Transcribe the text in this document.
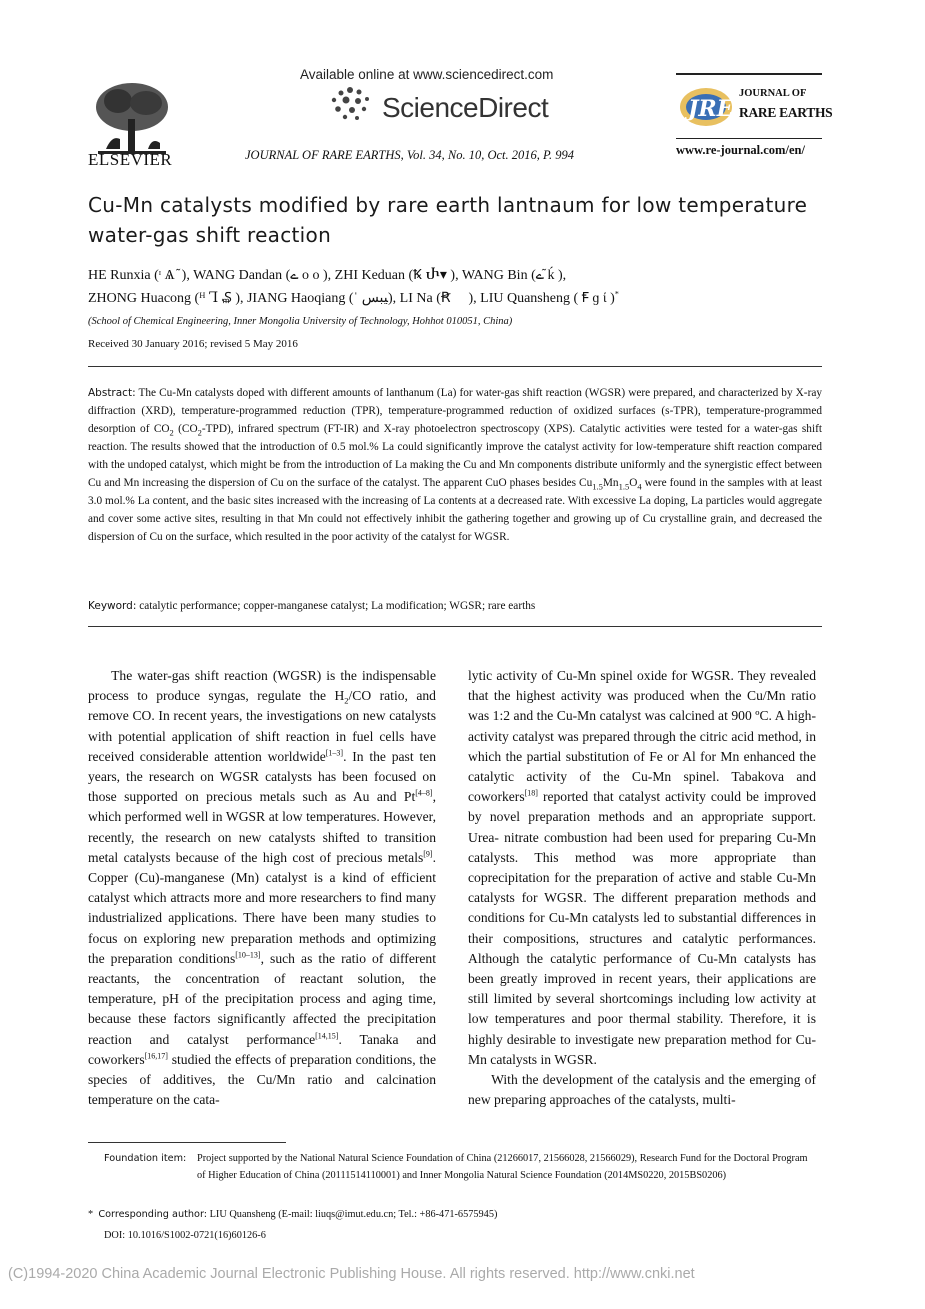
ELSEVIER
Available online at www.sciencedirect.com
ScienceDirect
JOURNAL OF RARE EARTHS, Vol. 34, No. 10, Oct. 2016, P. 994
JRE
JOURNAL OF
RARE EARTHS
www.re-journal.com/en/
Cu-Mn catalysts modified by rare earth lantnaum for low temperature water-gas shift reaction
HE Runxia (ᶦ Ѧ ᷉ ), WANG Dandan (ے ο ο ), ZHI Keduan (Ꝅ Ⴐ▾ ), WANG Bin (ے ᷉ḱ ),
ZHONG Huacong (ᴴ Ꞁ ₷ ), JIANG Haoqiang (ˈ ﯿﺒﺲ), LI Na (Ꞧ ⃞ ), LIU Quansheng ( Ꞙ ɡ ί )*
(School of Chemical Engineering, Inner Mongolia University of Technology, Hohhot 010051, China)
Received 30 January 2016; revised 5 May 2016
Abstract: The Cu-Mn catalysts doped with different amounts of lanthanum (La) for water-gas shift reaction (WGSR) were prepared, and characterized by X-ray diffraction (XRD), temperature-programmed reduction (TPR), temperature-programmed reduction of oxidized surfaces (s-TPR), temperature-programmed desorption of $CO_2$ $(CO_2-TPD)$, infrared spectrum (FT-IR) and X-ray photoelectron spectroscopy (XPS). Catalytic activities were tested for a water-gas shift reaction. The results showed that the introduction of 0.5 mol.% La could significantly improve the catalyst activity for low-temperature shift reaction compared with the undoped catalyst, which might be from the introduction of La making the Cu and Mn components distribute uniformly and the synergistic effect between Cu and Mn increasing the dispersion of Cu on the surface of the catalyst. The apparent CuO phases besides $Cu_{1.5}Mn_{1.5}O_4$ were found in the samples with at least 3.0 mol.% La content, and the basic sites increased with the increasing of La contents at a decreased rate. With excessive La doping, La particles would aggregate and cover some active sites, resulting in that Mn could not effectively inhibit the gathering together and growing up of Cu crystalline grain, and decreased the dispersion of Cu on the surface, which resulted in the poor activity of the catalyst for WGSR.
Keyword: catalytic performance; copper-manganese catalyst; La modification; WGSR; rare earths

The water-gas shift reaction (WGSR) is the indispensable process to produce syngas, regulate the $H_2/CO$ ratio, and remove CO. In recent years, the investigations on new catalysts with potential application of shift reaction in fuel cells have received considerable attention worldwide[1–3]. In the past ten years, the research on WGSR catalysts has been focused on those supported on precious metals such as Au and Pt[4–8], which performed well in WGSR at low temperatures. However, recently, the research on new catalysts shifted to transition metal catalysts because of the high cost of precious metals[9]. Copper (Cu)-manganese (Mn) catalyst is a kind of efficient catalyst which attracts more and more researchers to find many industrialized applications. There have been many studies to focus on exploring new preparation methods and optimizing the preparation conditions[10–13], such as the ratio of different reactants, the concentration of reactant solution, the temperature, pH of the precipitation process and aging time, because these factors significantly affected the precipitation reaction and catalyst performance[14,15]. Tanaka and coworkers[16,17] studied the effects of preparation conditions, the species of additives, the Cu/Mn ratio and calcination temperature on the cata-

lytic activity of Cu-Mn spinel oxide for WGSR. They revealed that the highest activity was produced when the Cu/Mn ratio was 1:2 and the Cu-Mn catalyst was calcined at 900 ºC. A high-activity catalyst was prepared through the citric acid method, in which the partial substitution of Fe or Al for Mn enhanced the catalytic activity of the Cu-Mn spinel. Tabakova and coworkers[18] reported that catalyst activity could be improved by novel preparation methods and an appropriate support. Urea- nitrate combustion had been used for preparing Cu-Mn catalysts. This method was more appropriate than coprecipitation for the preparation of active and stable Cu-Mn catalysts for WGSR. The different preparation methods and conditions for Cu-Mn catalysts led to substantial differences in their compositions, structures and catalytic performances. Although the catalytic performance of Cu-Mn catalysts has been greatly improved in recent years, their applications are still limited by several shortcomings including low activity at low temperatures and poor thermal stability. Therefore, it is highly desirable to investigate new preparation method for Cu-Mn catalysts in WGSR.

With the development of the catalysis and the emerging of new preparing approaches of the catalysts, multi-

Foundation item:	Project supported by the National Natural Science Foundation of China (21266017, 21566028, 21566029), Research Fund for the Doctoral Program of Higher Education of China (20111514110001) and Inner Mongolia Natural Science Foundation (2014MS0220, 2015BS0206)
* Corresponding author: LIU Quansheng (E-mail: liuqs@imut.edu.cn; Tel.: +86-471-6575945)
DOI: 10.1016/S1002-0721(16)60126-6
(C)1994-2020 China Academic Journal Electronic Publishing House. All rights reserved. http://www.cnki.net
